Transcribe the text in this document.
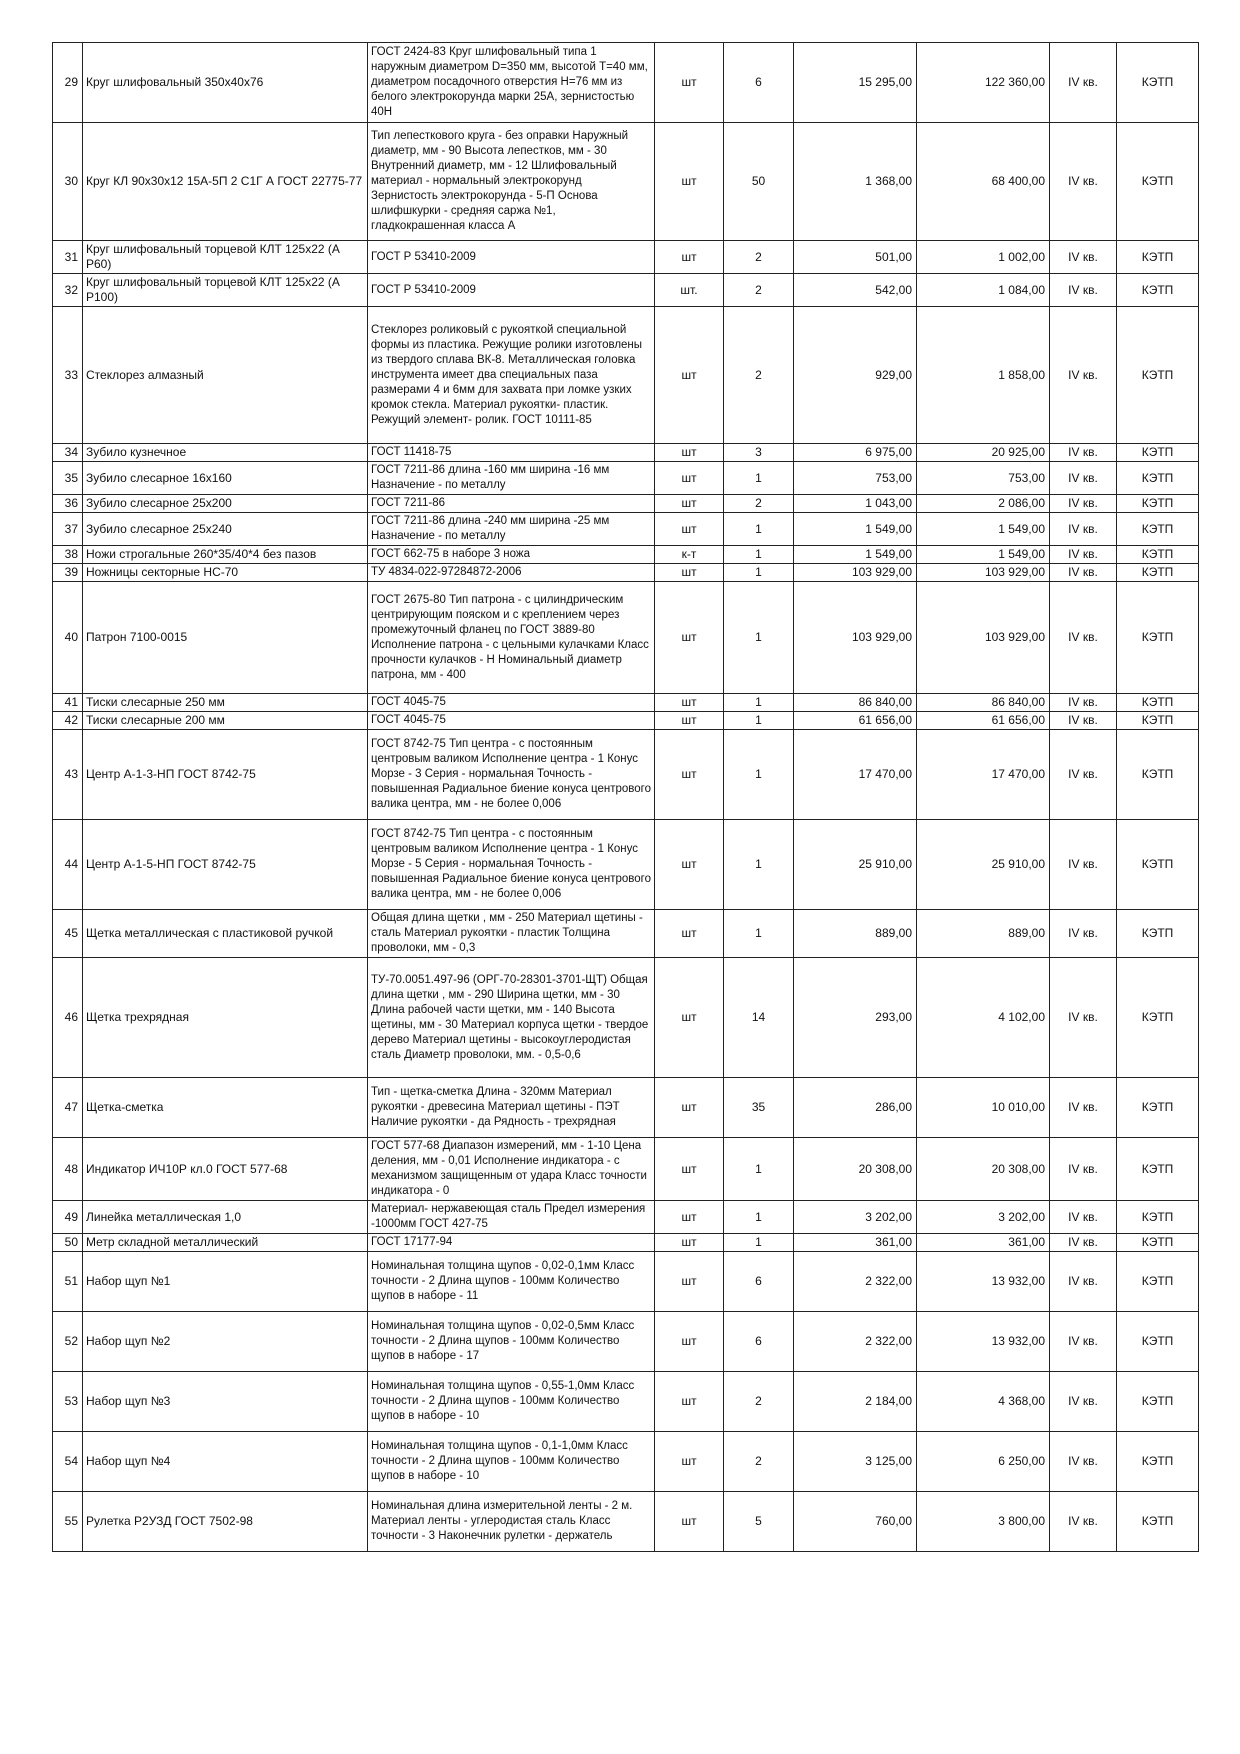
29	Круг шлифовальный 350х40х76	ГОСТ 2424-83 Круг шлифовальный типа 1 наружным диаметром D=350 мм, высотой T=40 мм, диаметром посадочного отверстия H=76 мм из белого электрокорунда марки 25А, зернистостью 40Н	шт	6	15 295,00	122 360,00	IV кв.	КЭТП
30	Круг КЛ 90х30х12 15А-5П 2 С1Г А ГОСТ 22775-77	Тип лепесткового круга - без оправки Наружный диаметр, мм - 90 Высота лепестков, мм - 30 Внутренний диаметр, мм - 12 Шлифовальный материал - нормальный электрокорунд Зернистость электрокорунда - 5-П Основа шлифшкурки - средняя саржа №1, гладкокрашенная класса А	шт	50	1 368,00	68 400,00	IV кв.	КЭТП
31	Круг шлифовальный торцевой КЛТ 125х22 (А Р60)	ГОСТ Р 53410-2009	шт	2	501,00	1 002,00	IV кв.	КЭТП
32	Круг шлифовальный торцевой КЛТ 125х22 (А Р100)	ГОСТ Р 53410-2009	шт.	2	542,00	1 084,00	IV кв.	КЭТП
33	Стеклорез алмазный	Стеклорез роликовый с рукояткой специальной формы из пластика. Режущие ролики изготовлены из твердого сплава ВК-8. Металлическая головка инструмента имеет два специальных паза размерами 4 и 6мм для захвата при ломке узких кромок стекла. Материал рукоятки- пластик. Режущий элемент- ролик. ГОСТ 10111-85	шт	2	929,00	1 858,00	IV кв.	КЭТП
34	Зубило кузнечное	ГОСТ 11418-75	шт	3	6 975,00	20 925,00	IV кв.	КЭТП
35	Зубило слесарное 16х160	ГОСТ 7211-86 длина -160 мм ширина -16 мм Назначение - по металлу	шт	1	753,00	753,00	IV кв.	КЭТП
36	Зубило слесарное 25х200	ГОСТ 7211-86	шт	2	1 043,00	2 086,00	IV кв.	КЭТП
37	Зубило слесарное 25х240	ГОСТ 7211-86 длина -240 мм ширина -25 мм Назначение - по металлу	шт	1	1 549,00	1 549,00	IV кв.	КЭТП
38	Ножи строгальные 260*35/40*4 без пазов	ГОСТ 662-75 в наборе 3 ножа	к-т	1	1 549,00	1 549,00	IV кв.	КЭТП
39	Ножницы секторные НС-70	ТУ 4834-022-97284872-2006	шт	1	103 929,00	103 929,00	IV кв.	КЭТП
40	Патрон 7100-0015	ГОСТ 2675-80 Тип патрона - с цилиндрическим центрирующим пояском и с креплением через промежуточный фланец по ГОСТ 3889-80 Исполнение патрона - с цельными кулачками Класс прочности кулачков - Н Номинальный диаметр патрона, мм - 400	шт	1	103 929,00	103 929,00	IV кв.	КЭТП
41	Тиски слесарные 250 мм	ГОСТ 4045-75	шт	1	86 840,00	86 840,00	IV кв.	КЭТП
42	Тиски слесарные 200 мм	ГОСТ 4045-75	шт	1	61 656,00	61 656,00	IV кв.	КЭТП
43	Центр А-1-3-НП ГОСТ 8742-75	ГОСТ 8742-75 Тип центра - с постоянным центровым валиком Исполнение центра - 1 Конус Морзе - 3 Серия - нормальная Точность - повышенная Радиальное биение конуса центрового валика центра, мм - не более 0,006	шт	1	17 470,00	17 470,00	IV кв.	КЭТП
44	Центр А-1-5-НП ГОСТ 8742-75	ГОСТ 8742-75 Тип центра - с постоянным центровым валиком Исполнение центра - 1 Конус Морзе - 5 Серия - нормальная Точность - повышенная Радиальное биение конуса центрового валика центра, мм - не более 0,006	шт	1	25 910,00	25 910,00	IV кв.	КЭТП
45	Щетка металлическая с пластиковой ручкой	Общая длина щетки , мм - 250 Материал щетины - сталь Материал рукоятки - пластик Толщина проволоки, мм - 0,3	шт	1	889,00	889,00	IV кв.	КЭТП
46	Щетка трехрядная	ТУ-70.0051.497-96 (ОРГ-70-28301-3701-ЩТ) Общая длина щетки , мм - 290 Ширина щетки, мм - 30 Длина рабочей части щетки, мм - 140 Высота щетины, мм - 30 Материал корпуса щетки - твердое дерево Материал щетины - высокоуглеродистая сталь Диаметр проволоки, мм. - 0,5-0,6	шт	14	293,00	4 102,00	IV кв.	КЭТП
47	Щетка-сметка	Тип - щетка-сметка Длина - 320мм Материал рукоятки - древесина Материал щетины - ПЭТ Наличие рукоятки - да Рядность - трехрядная	шт	35	286,00	10 010,00	IV кв.	КЭТП
48	Индикатор ИЧ10Р кл.0 ГОСТ 577-68	ГОСТ 577-68 Диапазон измерений, мм - 1-10 Цена деления, мм - 0,01 Исполнение индикатора - с механизмом защищенным от удара Класс точности индикатора - 0	шт	1	20 308,00	20 308,00	IV кв.	КЭТП
49	Линейка металлическая 1,0	Материал- нержавеющая сталь Предел измерения -1000мм ГОСТ 427-75	шт	1	3 202,00	3 202,00	IV кв.	КЭТП
50	Метр складной металлический	ГОСТ 17177-94	шт	1	361,00	361,00	IV кв.	КЭТП
51	Набор щуп №1	Номинальная толщина щупов - 0,02-0,1мм Класс точности - 2 Длина щупов - 100мм Количество щупов в наборе - 11	шт	6	2 322,00	13 932,00	IV кв.	КЭТП
52	Набор щуп №2	Номинальная толщина щупов - 0,02-0,5мм Класс точности - 2 Длина щупов - 100мм Количество щупов в наборе - 17	шт	6	2 322,00	13 932,00	IV кв.	КЭТП
53	Набор щуп №3	Номинальная толщина щупов - 0,55-1,0мм Класс точности - 2 Длина щупов - 100мм Количество щупов в наборе - 10	шт	2	2 184,00	4 368,00	IV кв.	КЭТП
54	Набор щуп №4	Номинальная толщина щупов - 0,1-1,0мм Класс точности - 2 Длина щупов - 100мм Количество щупов в наборе - 10	шт	2	3 125,00	6 250,00	IV кв.	КЭТП
55	Рулетка Р2УЗД ГОСТ 7502-98	Номинальная длина измерительной ленты - 2 м. Материал ленты - углеродистая сталь Класс точности - 3 Наконечник рулетки - держатель	шт	5	760,00	3 800,00	IV кв.	КЭТП
